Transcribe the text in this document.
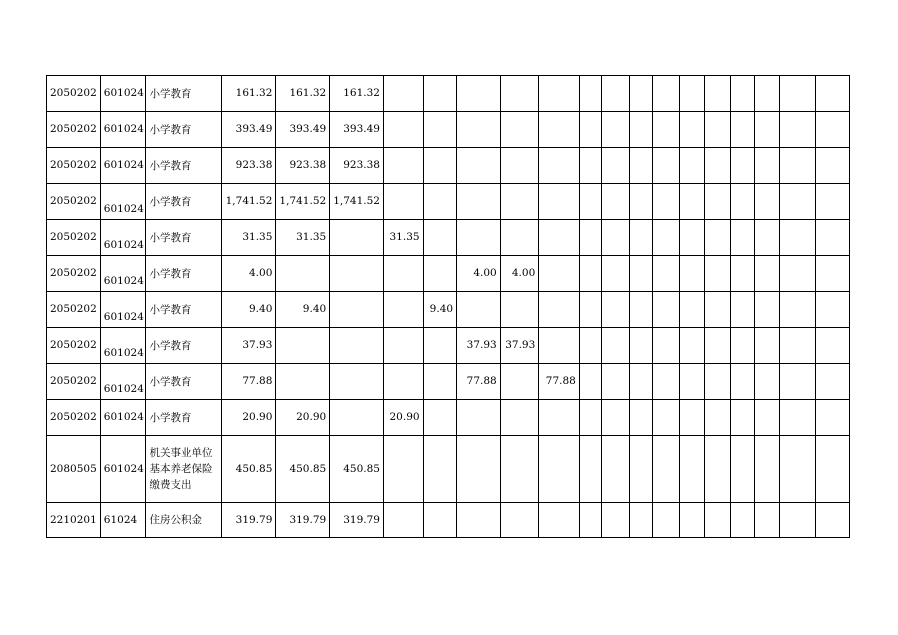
2050202	601024	小学教育	161.32	161.32	161.32															
2050202	601024	小学教育	393.49	393.49	393.49															
2050202	601024	小学教育	923.38	923.38	923.38															
2050202	601024	小学教育	1,741.52	1,741.52	1,741.52															
2050202	601024	小学教育	31.35	31.35		31.35														
2050202	601024	小学教育	4.00					4.00	4.00											
2050202	601024	小学教育	9.40	9.40			9.40													
2050202	601024	小学教育	37.93					37.93	37.93											
2050202	601024	小学教育	77.88					77.88		77.88										
2050202	601024	小学教育	20.90	20.90		20.90														
2080505	601024	机关事业单位基本养老保险缴费支出	450.85	450.85	450.85															
2210201	61024	住房公积金	319.79	319.79	319.79															
